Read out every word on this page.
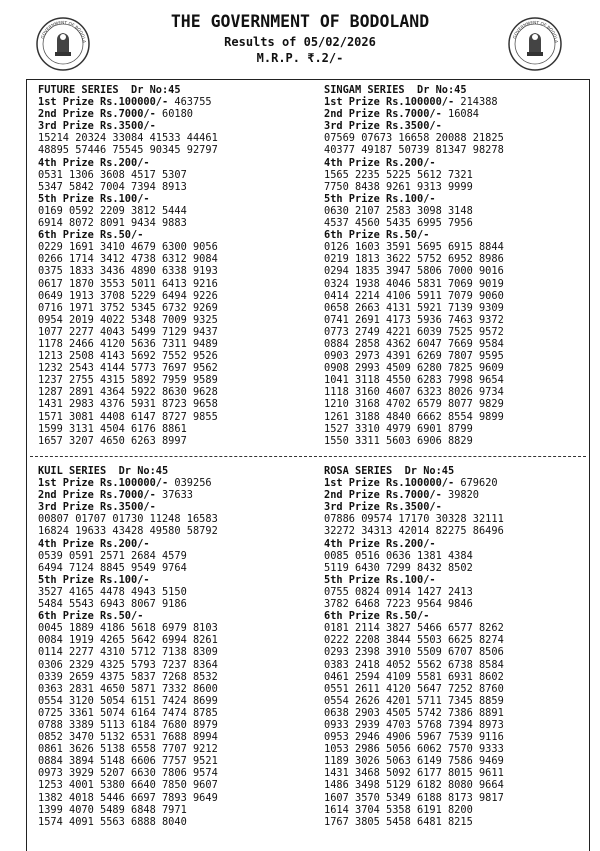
GOVERNMENT OF BODOLA
GOVERNMENT OF BODOLA
THE GOVERNMENT OF BODOLAND
Results of 05/02/2026
M.R.P. ₹.2/-
FUTURE SERIES  Dr No:45
1st Prize Rs.100000/- 463755
2nd Prize Rs.7000/- 60180
3rd Prize Rs.3500/-
15214 20324 33084 41533 44461
48895 57446 75545 90345 92797
4th Prize Rs.200/-
0531 1306 3608 4517 5307
5347 5842 7004 7394 8913
5th Prize Rs.100/-
0169 0592 2209 3812 5444
6914 8072 8091 9434 9883
6th Prize Rs.50/-
0229 1691 3410 4679 6300 9056
0266 1714 3412 4738 6312 9084
0375 1833 3436 4890 6338 9193
0617 1870 3553 5011 6413 9216
0649 1913 3708 5229 6494 9226
0716 1971 3752 5345 6732 9269
0954 2019 4022 5348 7009 9325
1077 2277 4043 5499 7129 9437
1178 2466 4120 5636 7311 9489
1213 2508 4143 5692 7552 9526
1232 2543 4144 5773 7697 9562
1237 2755 4315 5892 7959 9589
1287 2891 4364 5922 8630 9628
1431 2983 4376 5931 8723 9658
1571 3081 4408 6147 8727 9855
1599 3131 4504 6176 8861
1657 3207 4650 6263 8997
SINGAM SERIES  Dr No:45
1st Prize Rs.100000/- 214388
2nd Prize Rs.7000/- 16084
3rd Prize Rs.3500/-
07569 07673 16658 20088 21825
40377 49187 50739 81347 98278
4th Prize Rs.200/-
1565 2235 5225 5612 7321
7750 8438 9261 9313 9999
5th Prize Rs.100/-
0630 2107 2583 3098 3148
4537 4560 5435 6995 7956
6th Prize Rs.50/-
0126 1603 3591 5695 6915 8844
0219 1813 3622 5752 6952 8986
0294 1835 3947 5806 7000 9016
0324 1938 4046 5831 7069 9019
0414 2214 4106 5911 7079 9060
0658 2663 4131 5921 7139 9309
0741 2691 4173 5936 7463 9372
0773 2749 4221 6039 7525 9572
0884 2858 4362 6047 7669 9584
0903 2973 4391 6269 7807 9595
0908 2993 4509 6280 7825 9609
1041 3118 4550 6283 7998 9654
1118 3160 4607 6323 8026 9734
1210 3168 4702 6579 8077 9829
1261 3188 4840 6662 8554 9899
1527 3310 4979 6901 8799
1550 3311 5603 6906 8829
KUIL SERIES  Dr No:45
1st Prize Rs.100000/- 039256
2nd Prize Rs.7000/- 37633
3rd Prize Rs.3500/-
00807 01707 01730 11248 16583
16824 19633 43428 49580 58792
4th Prize Rs.200/-
0539 0591 2571 2684 4579
6494 7124 8845 9549 9764
5th Prize Rs.100/-
3527 4165 4478 4943 5150
5484 5543 6943 8067 9186
6th Prize Rs.50/-
0045 1889 4186 5618 6979 8103
0084 1919 4265 5642 6994 8261
0114 2277 4310 5712 7138 8309
0306 2329 4325 5793 7237 8364
0339 2659 4375 5837 7268 8532
0363 2831 4650 5871 7332 8600
0554 3120 5054 6151 7424 8699
0725 3361 5074 6164 7474 8785
0788 3389 5113 6184 7680 8979
0852 3470 5132 6531 7688 8994
0861 3626 5138 6558 7707 9212
0884 3894 5148 6606 7757 9521
0973 3929 5207 6630 7806 9574
1253 4001 5380 6640 7850 9607
1382 4018 5446 6697 7893 9649
1399 4070 5489 6848 7971
1574 4091 5563 6888 8040
ROSA SERIES  Dr No:45
1st Prize Rs.100000/- 679620
2nd Prize Rs.7000/- 39820
3rd Prize Rs.3500/-
07886 09574 17170 30328 32111
32272 34313 42014 82275 86496
4th Prize Rs.200/-
0085 0516 0636 1381 4384
5119 6430 7299 8432 8502
5th Prize Rs.100/-
0755 0824 0914 1427 2413
3782 6468 7223 9564 9846
6th Prize Rs.50/-
0181 2114 3827 5466 6577 8262
0222 2208 3844 5503 6625 8274
0293 2398 3910 5509 6707 8506
0383 2418 4052 5562 6738 8584
0461 2594 4109 5581 6931 8602
0551 2611 4120 5647 7252 8760
0554 2626 4201 5711 7345 8859
0638 2903 4505 5742 7386 8891
0933 2939 4703 5768 7394 8973
0953 2946 4906 5967 7539 9116
1053 2986 5056 6062 7570 9333
1189 3026 5063 6149 7586 9469
1431 3468 5092 6177 8015 9611
1486 3498 5129 6182 8080 9664
1607 3570 5349 6188 8173 9817
1614 3704 5358 6191 8200
1767 3805 5458 6481 8215
